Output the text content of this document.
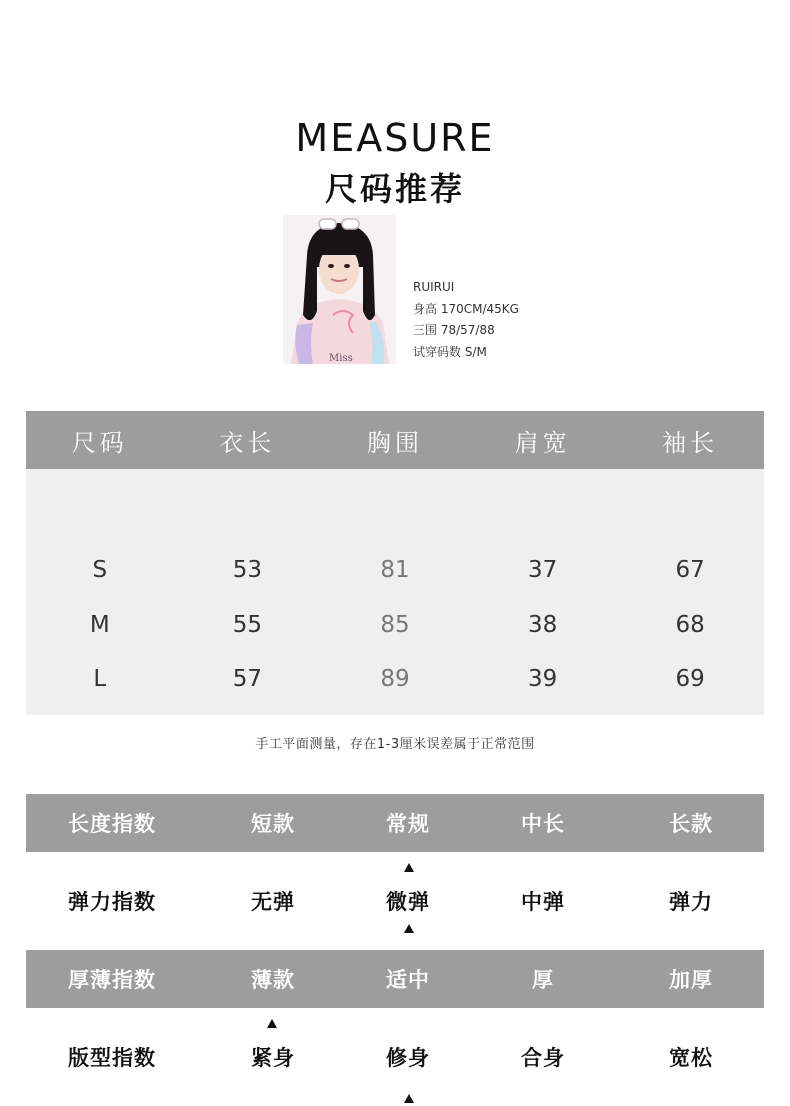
MEASURE
尺码推荐
Miss
RUIRUI
身高 170CM/45KG
三围 78/57/88
试穿码数 S/M
尺码	衣长	胸围	肩宽	袖长
S	53	81	37	67
M	55	85	38	68
L	57	89	39	69
手工平面测量，存在1-3厘米误差属于正常范围
长度指数	短款	常规	中长	长款
弹力指数	无弹	微弹	中弹	弹力
厚薄指数	薄款	适中	厚	加厚
版型指数	紧身	修身	合身	宽松
